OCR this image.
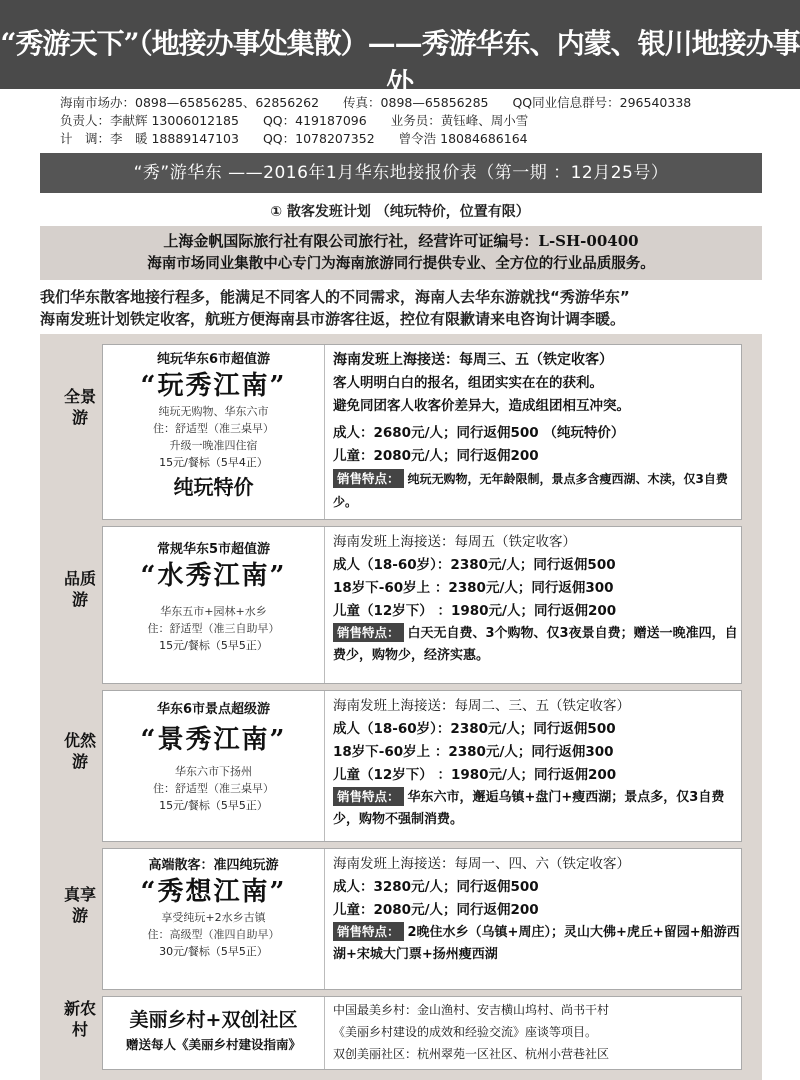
“秀游天下”（地接办事处集散）——秀游华东、内蒙、银川地接办事处
海南市场办：0898—65856285、62856262 传真：0898—65856285 QQ同业信息群号：296540338
负责人：李献辉 13006012185 QQ：419187096 业务员：黄钰峰、周小雪
计　调：李　暖 18889147103 QQ：1078207352 曾令浩 18084686164
“秀”游华东 ——2016年1月华东地接报价表（第一期 ：12月25号）
① 散客发班计划 （纯玩特价，位置有限）
上海金帆国际旅行社有限公司旅行社，经营许可证编号：L-SH-00400
海南市场同业集散中心专门为海南旅游同行提供专业、全方位的行业品质服务。
我们华东散客地接行程多，能满足不同客人的不同需求，海南人去华东游就找“秀游华东”
海南发班计划铁定收客，航班方便海南县市游客往返，控位有限歉请来电咨询计调李暖。
全景游
纯玩华东6市超值游
“玩秀江南”
纯玩无购物、华东六市
住：舒适型（准三桌早）
升级一晚准四住宿
15元/餐标（5早4正）
纯玩特价
海南发班上海接送：每周三、五（铁定收客）
客人明明白白的报名，组团实实在在的获利。
避免同团客人收客价差异大，造成组团相互冲突。
成人：2680元/人；同行返佣500 （纯玩特价）
儿童：2080元/人；同行返佣200
销售特点： 纯玩无购物，无年龄限制，景点多含瘦西湖、木渎，仅3自费少。
品质游
常规华东5市超值游
“水秀江南”
华东五市+园林+水乡
住：舒适型（准三自助早）
15元/餐标（5早5正）
海南发班上海接送：每周五（铁定收客）
成人（18-60岁）：2380元/人；同行返佣500
18岁下-60岁上 ：2380元/人；同行返佣300
儿童（12岁下） ：1980元/人；同行返佣200
销售特点： 白天无自费、3个购物、仅3夜景自费；赠送一晚准四，自费少，购物少，经济实惠。
优然游
华东6市景点超级游
“景秀江南”
华东六市下扬州
住：舒适型（准三桌早）
15元/餐标（5早5正）
海南发班上海接送：每周二、三、五（铁定收客）
成人（18-60岁）：2380元/人；同行返佣500
18岁下-60岁上 ：2380元/人；同行返佣300
儿童（12岁下） ：1980元/人；同行返佣200
销售特点： 华东六市，邂逅乌镇+盘门+瘦西湖；景点多，仅3自费少，购物不强制消费。
真享游
高端散客：准四纯玩游
“秀想江南”
享受纯玩+2水乡古镇
住：高级型（准四自助早）
30元/餐标（5早5正）
海南发班上海接送：每周一、四、六（铁定收客）
成人：3280元/人；同行返佣500
儿童：2080元/人；同行返佣200
销售特点： 2晚住水乡（乌镇+周庄）；灵山大佛+虎丘+留园+船游西湖+宋城大门票+扬州瘦西湖
新农村	美丽乡村+双创社区
赠送每人《美丽乡村建设指南》
中国最美乡村：金山渔村、安吉横山坞村、尚书干村
《美丽乡村建设的成效和经验交流》座谈等项目。
双创美丽社区：杭州翠苑一区社区、杭州小营巷社区
